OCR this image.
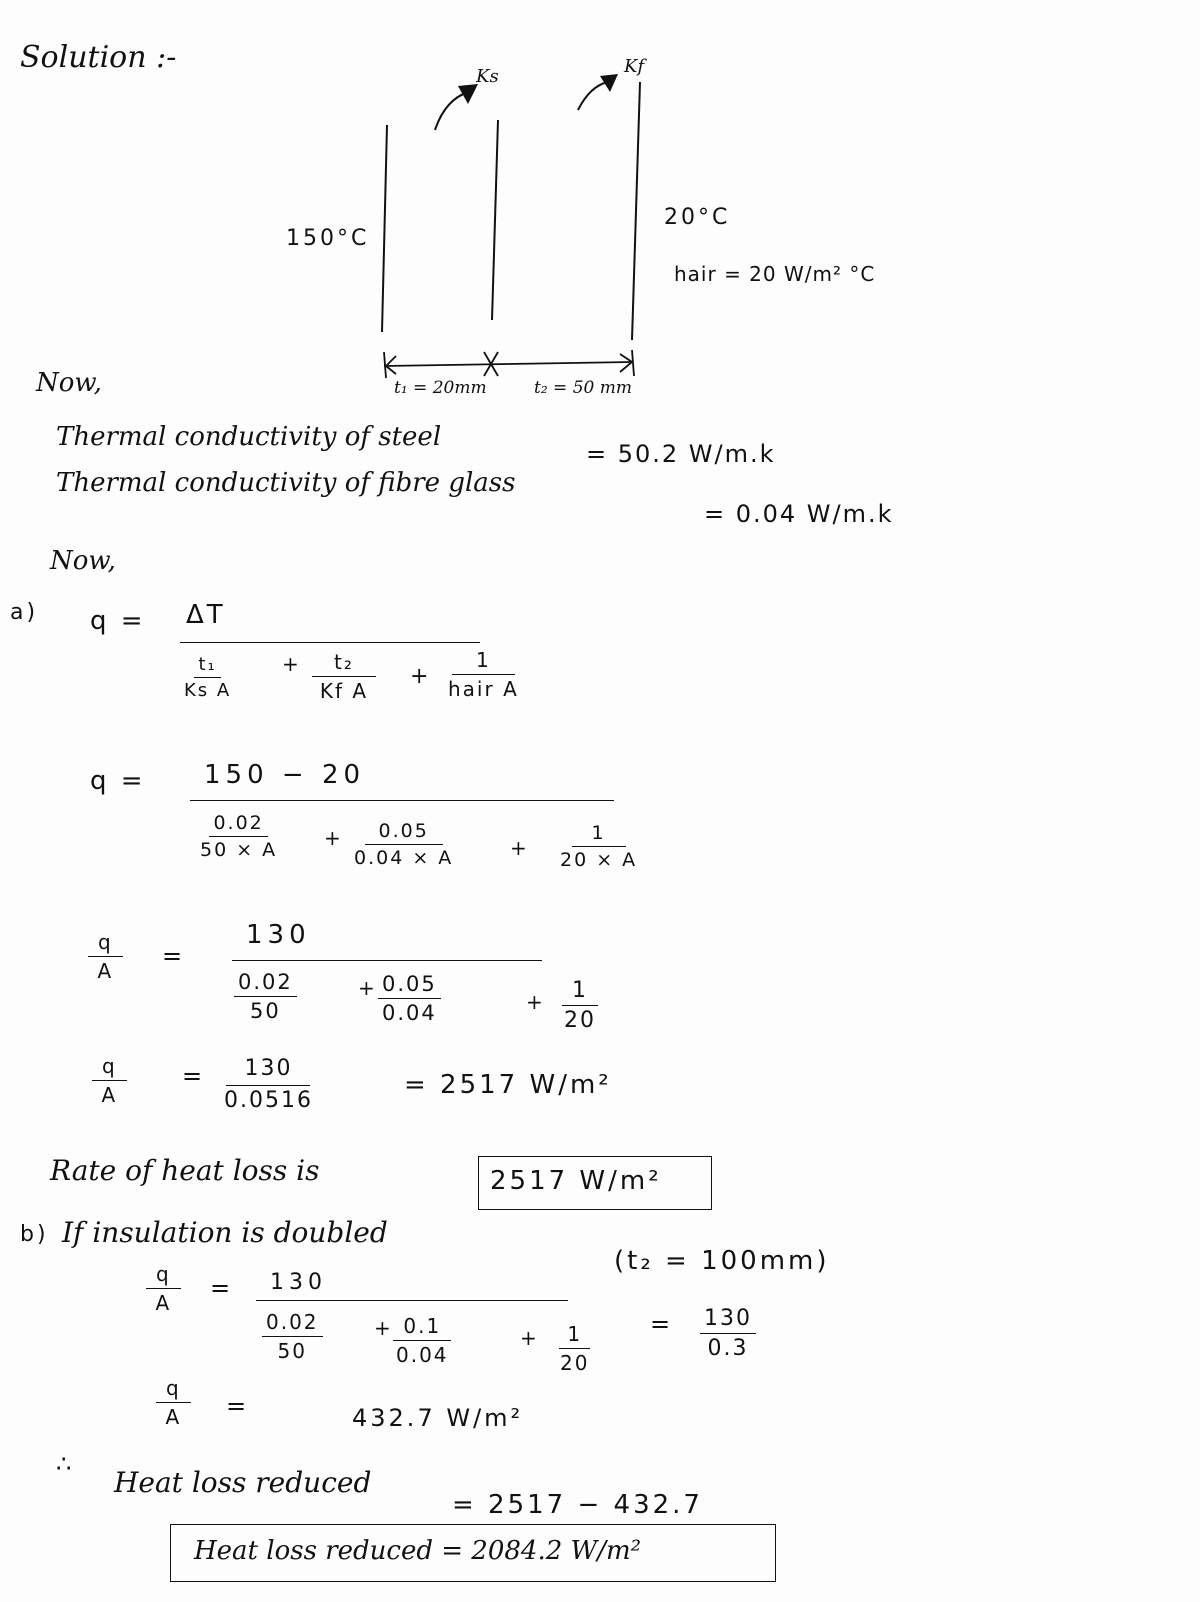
Solution :-
Ks	Kf
150°C
20°C
hair = 20 W/m² °C
t₁ = 20mm	t₂ = 50 mm
Now,
Thermal conductivity of steel
= 50.2 W/m.k
Thermal conductivity of fibre glass
= 0.04 W/m.k
Now,
a) q = ΔT
$\frac{\text{t₁}}{\text{Ks A}} + \frac{\text{t₂}}{\text{Kf A}}$ +
1
hair A
q = 150 − 20
$\frac{0.02}{50 \times A} + \frac{0.05}{0.04 \times A}$	+ $\frac{1}{20 \times A}$
$\frac{q}{A}$ =
130
$\frac{0.02}{50}$	+ $\frac{0.05}{0.04}$	+ $\frac{1}{20}$
$\frac{q}{A} = \frac{130}{0.0516}$	= 2517 W/m²
Rate of heat loss is	2517 W/m²
b) If insulation is doubled
(t₂ = 100mm)
$\frac{q}{A} = 130$
$\frac{0.02}{50}$	+
$\frac{0.1}{0.04}$	+ $\frac{1}{20} = \frac{130}{0.3}$
$\frac{q}{A}$ =	432.7 W/m²
∴
Heat loss reduced
= 2517 − 432.7
Heat loss reduced = 2084.2 W/m²
